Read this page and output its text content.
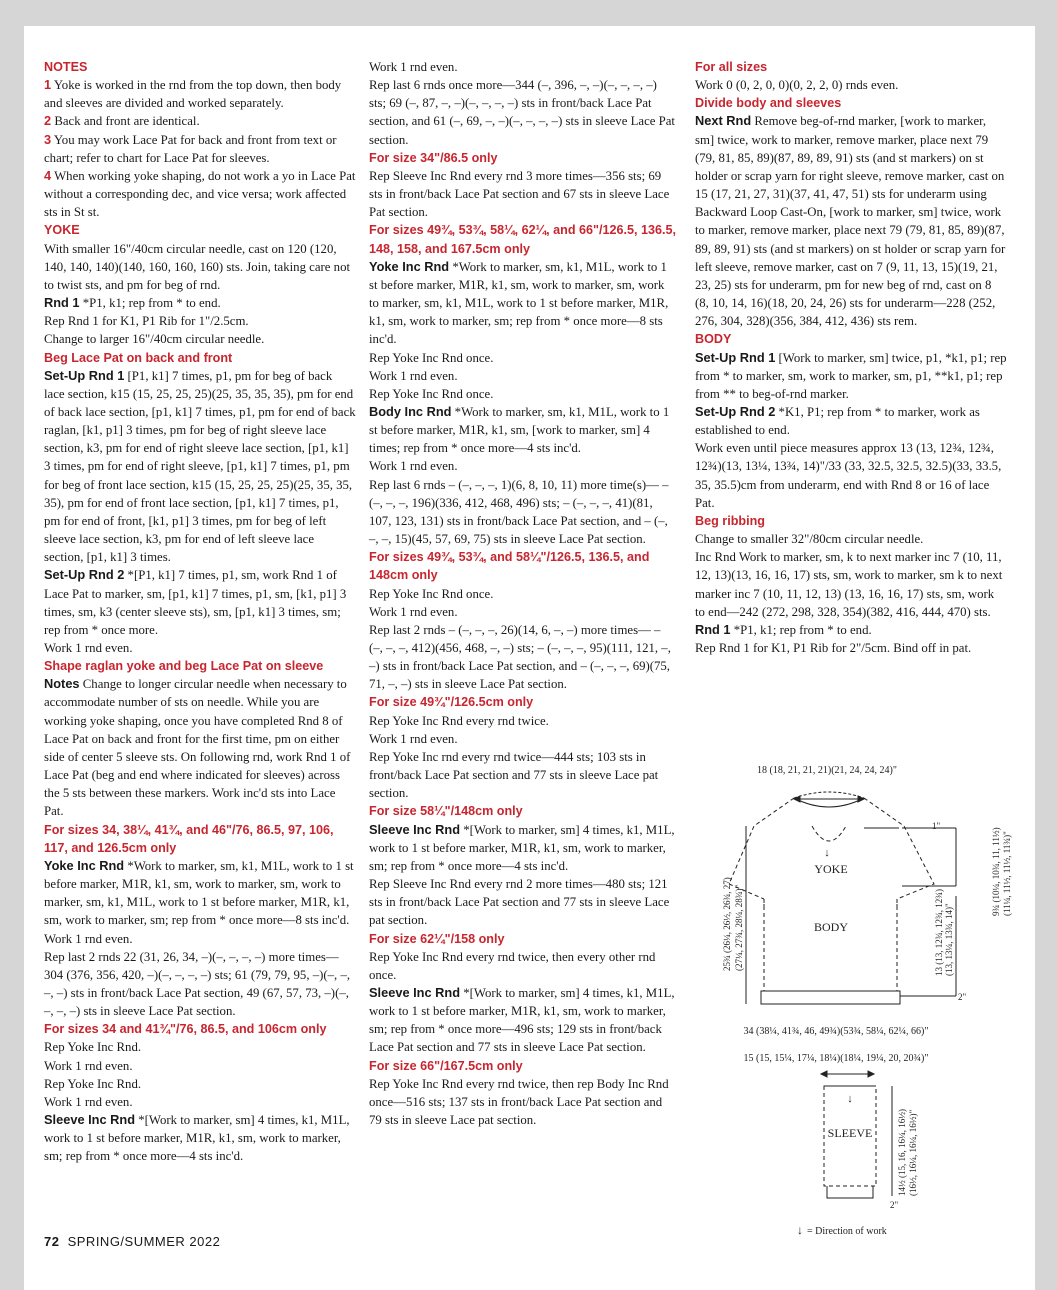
NOTES
1 Yoke is worked in the rnd from the top down, then body and sleeves are divided and worked separately.
2 Back and front are identical.
3 You may work Lace Pat for back and front from text or chart; refer to chart for Lace Pat for sleeves.
4 When working yoke shaping, do not work a yo in Lace Pat without a corresponding dec, and vice versa; work affected sts in St st.
YOKE
With smaller 16"/40cm circular needle, cast on 120 (120, 140, 140, 140)(140, 160, 160, 160) sts. Join, taking care not to twist sts, and pm for beg of rnd.
Rnd 1 *P1, k1; rep from * to end.
Rep Rnd 1 for K1, P1 Rib for 1"/2.5cm.
Change to larger 16"/40cm circular needle.
Beg Lace Pat on back and front
Set-Up Rnd 1 [P1, k1] 7 times, p1, pm for beg of back lace section, k15 (15, 25, 25, 25)(25, 35, 35, 35), pm for end of back lace section, [p1, k1] 7 times, p1, pm for end of back raglan, [k1, p1] 3 times, pm for beg of right sleeve lace section, k3, pm for end of right sleeve lace section, [p1, k1] 3 times, pm for end of right sleeve, [p1, k1] 7 times, p1, pm for beg of front lace section, k15 (15, 25, 25, 25)(25, 35, 35, 35), pm for end of front lace section, [p1, k1] 7 times, p1, pm for end of front, [k1, p1] 3 times, pm for beg of left sleeve lace section, k3, pm for end of left sleeve lace section, [p1, k1] 3 times.
Set-Up Rnd 2 *[P1, k1] 7 times, p1, sm, work Rnd 1 of Lace Pat to marker, sm, [p1, k1] 7 times, p1, sm, [k1, p1] 3 times, sm, k3 (center sleeve sts), sm, [p1, k1] 3 times, sm; rep from * once more.
Work 1 rnd even.
Shape raglan yoke and beg Lace Pat on sleeve
Notes Change to longer circular needle when necessary to accommodate number of sts on needle. While you are working yoke shaping, once you have completed Rnd 8 of Lace Pat on back and front for the first time, pm on either side of center 5 sleeve sts. On following rnd, work Rnd 1 of Lace Pat (beg and end where indicated for sleeves) across the 5 sts between these markers. Work inc'd sts into Lace Pat.
For sizes 34, 38¼, 41¾, and 46"/76, 86.5, 97, 106, 117, and 126.5cm only
Yoke Inc Rnd *Work to marker, sm, k1, M1L, work to 1 st before marker, M1R, k1, sm, work to marker, sm, work to marker, sm, k1, M1L, work to 1 st before marker, M1R, k1, sm, work to marker, sm; rep from * once more—8 sts inc'd.
Work 1 rnd even.
Rep last 2 rnds 22 (31, 26, 34, –)(–, –, –, –) more times—304 (376, 356, 420, –)(–, –, –, –) sts; 61 (79, 79, 95, –)(–, –, –, –) sts in front/back Lace Pat section, 49 (67, 57, 73, –)(–, –, –, –) sts in sleeve Lace Pat section.
For sizes 34 and 41¾"/76, 86.5, and 106cm only
Rep Yoke Inc Rnd.
Work 1 rnd even.
Rep Yoke Inc Rnd.
Work 1 rnd even.
Sleeve Inc Rnd *[Work to marker, sm] 4 times, k1, M1L, work to 1 st before marker, M1R, k1, sm, work to marker, sm; rep from * once more—4 sts inc'd.
Work 1 rnd even.
Rep last 6 rnds once more—344 (–, 396, –, –)(–, –, –, –) sts; 69 (–, 87, –, –)(–, –, –, –) sts in front/back Lace Pat section, and 61 (–, 69, –, –)(–, –, –, –) sts in sleeve Lace Pat section.
For size 34"/86.5 only
Rep Sleeve Inc Rnd every rnd 3 more times—356 sts; 69 sts in front/back Lace Pat section and 67 sts in sleeve Lace Pat section.
For sizes 49¾, 53¾, 58¼, 62¼, and 66"/126.5, 136.5, 148, 158, and 167.5cm only
Yoke Inc Rnd *Work to marker, sm, k1, M1L, work to 1 st before marker, M1R, k1, sm, work to marker, sm, work to marker, sm, k1, M1L, work to 1 st before marker, M1R, k1, sm, work to marker, sm; rep from * once more—8 sts inc'd.
Rep Yoke Inc Rnd once.
Work 1 rnd even.
Rep Yoke Inc Rnd once.
Body Inc Rnd *Work to marker, sm, k1, M1L, work to 1 st before marker, M1R, k1, sm, [work to marker, sm] 4 times; rep from * once more—4 sts inc'd.
Work 1 rnd even.
Rep last 6 rnds – (–, –, –, 1)(6, 8, 10, 11) more time(s)— – (–, –, –, 196)(336, 412, 468, 496) sts; – (–, –, –, 41)(81, 107, 123, 131) sts in front/back Lace Pat section, and – (–, –, –, 15)(45, 57, 69, 75) sts in sleeve Lace Pat section.
For sizes 49¾, 53¾, and 58¼"/126.5, 136.5, and 148cm only
Rep Yoke Inc Rnd once.
Work 1 rnd even.
Rep last 2 rnds – (–, –, –, 26)(14, 6, –, –) more times— – (–, –, –, 412)(456, 468, –, –) sts; – (–, –, –, 95)(111, 121, –, –) sts in front/back Lace Pat section, and – (–, –, –, 69)(75, 71, –, –) sts in sleeve Lace Pat section.
For size 49¾"/126.5cm only
Rep Yoke Inc Rnd every rnd twice.
Work 1 rnd even.
Rep Yoke Inc rnd every rnd twice—444 sts; 103 sts in front/back Lace Pat section and 77 sts in sleeve Lace pat section.
For size 58¼"/148cm only
Sleeve Inc Rnd *[Work to marker, sm] 4 times, k1, M1L, work to 1 st before marker, M1R, k1, sm, work to marker, sm; rep from * once more—4 sts inc'd.
Rep Sleeve Inc Rnd every rnd 2 more times—480 sts; 121 sts in front/back Lace Pat section and 77 sts in sleeve Lace pat section.
For size 62¼"/158 only
Rep Yoke Inc Rnd every rnd twice, then every other rnd once.
Sleeve Inc Rnd *[Work to marker, sm] 4 times, k1, M1L, work to 1 st before marker, M1R, k1, sm, work to marker, sm; rep from * once more—496 sts; 129 sts in front/back Lace Pat section and 77 sts in sleeve Lace Pat section.
For size 66"/167.5cm only
Rep Yoke Inc Rnd every rnd twice, then rep Body Inc Rnd once—516 sts; 137 sts in front/back Lace Pat section and 79 sts in sleeve Lace pat section.
For all sizes
Work 0 (0, 2, 0, 0)(0, 2, 2, 0) rnds even.
Divide body and sleeves
Next Rnd Remove beg-of-rnd marker, [work to marker, sm] twice, work to marker, remove marker, place next 79 (79, 81, 85, 89)(87, 89, 89, 91) sts (and st markers) on st holder or scrap yarn for right sleeve, remove marker, cast on 15 (17, 21, 27, 31)(37, 41, 47, 51) sts for underarm using Backward Loop Cast-On, [work to marker, sm] twice, work to marker, remove marker, place next 79 (79, 81, 85, 89)(87, 89, 89, 91) sts (and st markers) on st holder or scrap yarn for left sleeve, remove marker, cast on 7 (9, 11, 13, 15)(19, 21, 23, 25) sts for underarm, pm for new beg of rnd, cast on 8 (8, 10, 14, 16)(18, 20, 24, 26) sts for underarm—228 (252, 276, 304, 328)(356, 384, 412, 436) sts rem.
BODY
Set-Up Rnd 1 [Work to marker, sm] twice, p1, *k1, p1; rep from * to marker, sm, work to marker, sm, p1, **k1, p1; rep from ** to beg-of-rnd marker.
Set-Up Rnd 2 *K1, P1; rep from * to marker, work as established to end.
Work even until piece measures approx 13 (13, 12¾, 12¾, 12¾)(13, 13¼, 13¾, 14)"/33 (33, 32.5, 32.5, 32.5)(33, 33.5, 35, 35.5)cm from underarm, end with Rnd 8 or 16 of lace Pat.
Beg ribbing
Change to smaller 32"/80cm circular needle.
Inc Rnd Work to marker, sm, k to next marker inc 7 (10, 11, 12, 13)(13, 16, 16, 17) sts, sm, work to marker, sm k to next marker inc 7 (10, 11, 12, 13) (13, 16, 16, 17) sts, sm, work to end—242 (272, 298, 328, 354)(382, 416, 444, 470) sts.
Rnd 1 *P1, k1; rep from * to end.
Rep Rnd 1 for K1, P1 Rib for 2"/5cm. Bind off in pat.
72 SPRING/SUMMER 2022
18 (18, 21, 21, 21)(21, 24, 24, 24)"
1"
YOKE
BODY
↓
25¾ (26¼, 26½, 26¾, 27) (27¼, 27¾, 28¼, 28¾)"	13 (13, 12¾, 12¾, 12¾) (13, 13¼, 13¾, 14)"
9¾ (10¼, 10¾, 11, 11½) (11¼, 11½, 11½, 11¾)"
2"
34 (38¼, 41¾, 46, 49¾)(53¾, 58¼, 62¼, 66)"
15 (15, 15¼, 17¼, 18¼)(18¼, 19¼, 20, 20¾)"
↓
SLEEVE	14½ (15, 16, 16¼, 16½) (16½, 16¼, 16¼, 16½)"
2"
↓ = Direction of work
